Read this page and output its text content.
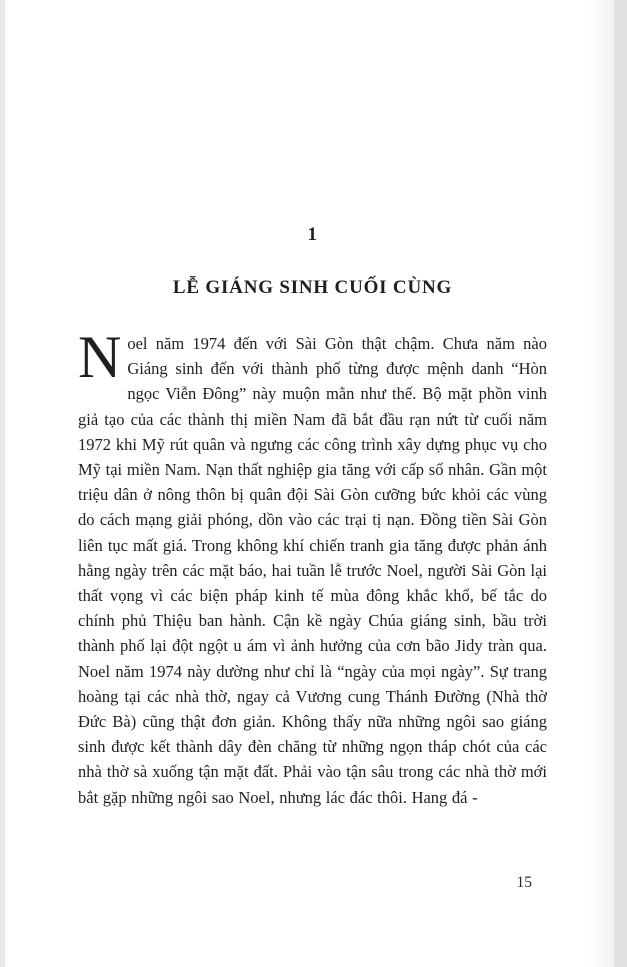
1
LỄ GIÁNG SINH CUỐI CÙNG

Noel năm 1974 đến với Sài Gòn thật chậm. Chưa năm nào Giáng sinh đến với thành phố từng được mệnh danh “Hòn ngọc Viễn Đông” này muộn mằn như thế. Bộ mặt phồn vinh giả tạo của các thành thị miền Nam đã bắt đầu rạn nứt từ cuối năm 1972 khi Mỹ rút quân và ngưng các công trình xây dựng phục vụ cho Mỹ tại miền Nam. Nạn thất nghiệp gia tăng với cấp số nhân. Gần một triệu dân ở nông thôn bị quân đội Sài Gòn cưỡng bức khỏi các vùng do cách mạng giải phóng, dồn vào các trại tị nạn. Đồng tiền Sài Gòn liên tục mất giá. Trong không khí chiến tranh gia tăng được phản ánh hằng ngày trên các mặt báo, hai tuần lễ trước Noel, người Sài Gòn lại thất vọng vì các biện pháp kinh tế mùa đông khắc khổ, bế tắc do chính phủ Thiệu ban hành. Cận kề ngày Chúa giáng sinh, bầu trời thành phố lại đột ngột u ám vì ảnh hưởng của cơn bão Jidy tràn qua. Noel năm 1974 này dường như chỉ là “ngày của mọi ngày”. Sự trang hoàng tại các nhà thờ, ngay cả Vương cung Thánh Đường (Nhà thờ Đức Bà) cũng thật đơn giản. Không thấy nữa những ngôi sao giáng sinh được kết thành dây đèn chăng từ những ngọn tháp chót của các nhà thờ sà xuống tận mặt đất. Phải vào tận sâu trong các nhà thờ mới bắt gặp những ngôi sao Noel, nhưng lác đác thôi. Hang đá -

15
